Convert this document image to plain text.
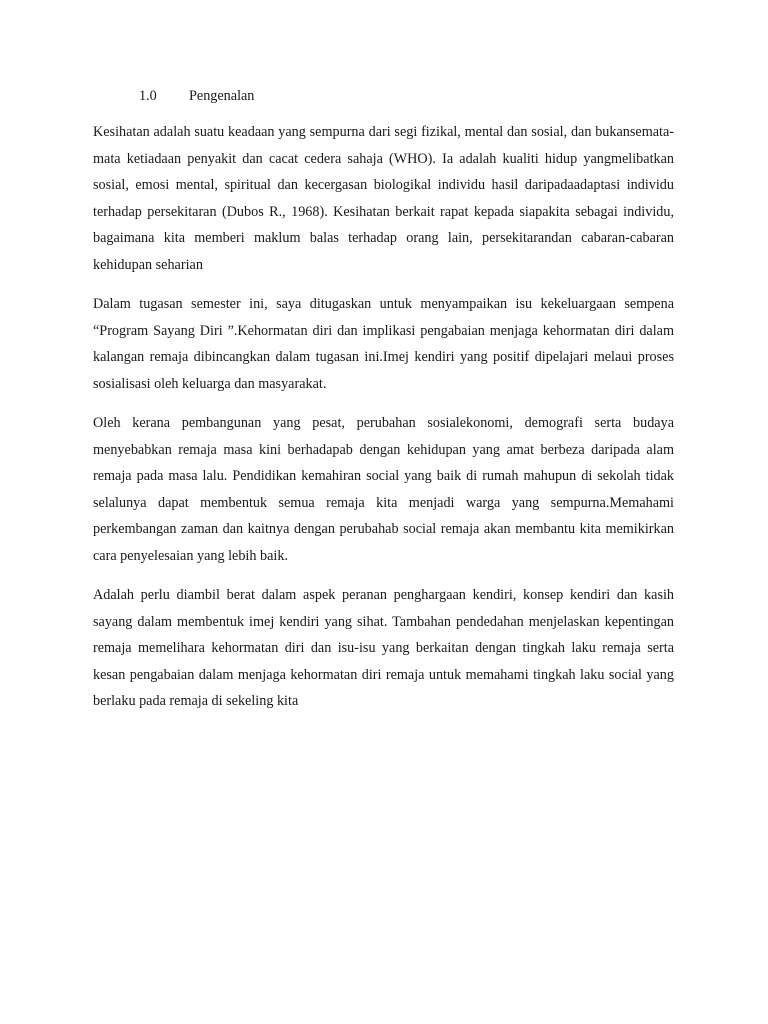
1.0 Pengenalan

Kesihatan adalah suatu keadaan yang sempurna dari segi fizikal, mental dan sosial, dan bukansemata-mata ketiadaan penyakit dan cacat cedera sahaja (WHO). Ia adalah kualiti hidup yangmelibatkan sosial, emosi mental, spiritual dan kecergasan biologikal individu hasil daripadaadaptasi individu terhadap persekitaran (Dubos R., 1968). Kesihatan berkait rapat kepada siapakita sebagai individu, bagaimana kita memberi maklum balas terhadap orang lain, persekitarandan cabaran-cabaran kehidupan seharian

Dalam tugasan semester ini, saya ditugaskan untuk menyampaikan isu kekeluargaan sempena “Program Sayang Diri ”.Kehormatan diri dan implikasi pengabaian menjaga kehormatan diri dalam kalangan remaja dibincangkan dalam tugasan ini.Imej kendiri yang positif dipelajari melaui proses sosialisasi oleh keluarga dan masyarakat.

Oleh kerana pembangunan yang pesat, perubahan sosialekonomi, demografi serta budaya menyebabkan remaja masa kini berhadapab dengan kehidupan yang amat berbeza daripada alam remaja pada masa lalu. Pendidikan kemahiran social yang baik di rumah mahupun di sekolah tidak selalunya dapat membentuk semua remaja kita menjadi warga yang sempurna.Memahami perkembangan zaman dan kaitnya dengan perubahab social remaja akan membantu kita memikirkan cara penyelesaian yang lebih baik.

Adalah perlu diambil berat dalam aspek peranan penghargaan kendiri, konsep kendiri dan kasih sayang dalam membentuk imej kendiri yang sihat. Tambahan pendedahan menjelaskan kepentingan remaja memelihara kehormatan diri dan isu-isu yang berkaitan dengan tingkah laku remaja serta kesan pengabaian dalam menjaga kehormatan diri remaja untuk memahami tingkah laku social yang berlaku pada remaja di sekeling kita
